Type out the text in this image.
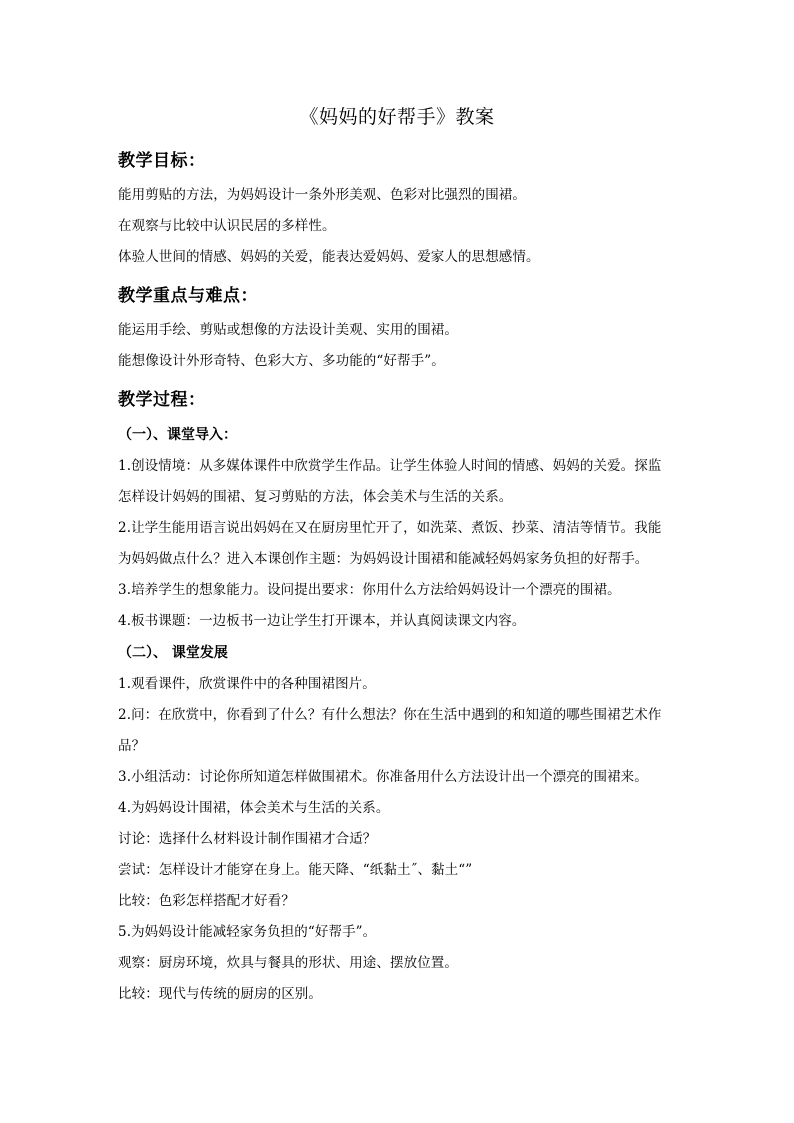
《妈妈的好帮手》教案
教学目标：
能用剪贴的方法，为妈妈设计一条外形美观、色彩对比强烈的围裙。
在观察与比较中认识民居的多样性。
体验人世间的情感、妈妈的关爱，能表达爱妈妈、爱家人的思想感情。
教学重点与难点：
能运用手绘、剪贴或想像的方法设计美观、实用的围裙。
能想像设计外形奇特、色彩大方、多功能的“好帮手”。
教学过程：
（一）、课堂导入：
1.创设情境：从多媒体课件中欣赏学生作品。让学生体验人时间的情感、妈妈的关爱。探监
怎样设计妈妈的围裙、复习剪贴的方法，体会美术与生活的关系。
2.让学生能用语言说出妈妈在又在厨房里忙开了，如洗菜、煮饭、抄菜、清洁等情节。我能
为妈妈做点什么？进入本课创作主题：为妈妈设计围裙和能减轻妈妈家务负担的好帮手。
3.培养学生的想象能力。设问提出要求：你用什么方法给妈妈设计一个漂亮的围裙。
4.板书课题：一边板书一边让学生打开课本，并认真阅读课文内容。
（二）、 课堂发展
1.观看课件，欣赏课件中的各种围裙图片。
2.问：在欣赏中，你看到了什么？有什么想法？你在生活中遇到的和知道的哪些围裙艺术作
品？
3.小组活动：讨论你所知道怎样做围裙术。你准备用什么方法设计出一个漂亮的围裙来。
4.为妈妈设计围裙，体会美术与生活的关系。
讨论：选择什么材料设计制作围裙才合适？
尝试：怎样设计才能穿在身上。能天降、“纸黏土˝、黏土“”
比较：色彩怎样搭配才好看？
5.为妈妈设计能减轻家务负担的“好帮手”。
观察：厨房环境，炊具与餐具的形状、用途、摆放位置。
比较：现代与传统的厨房的区别。
